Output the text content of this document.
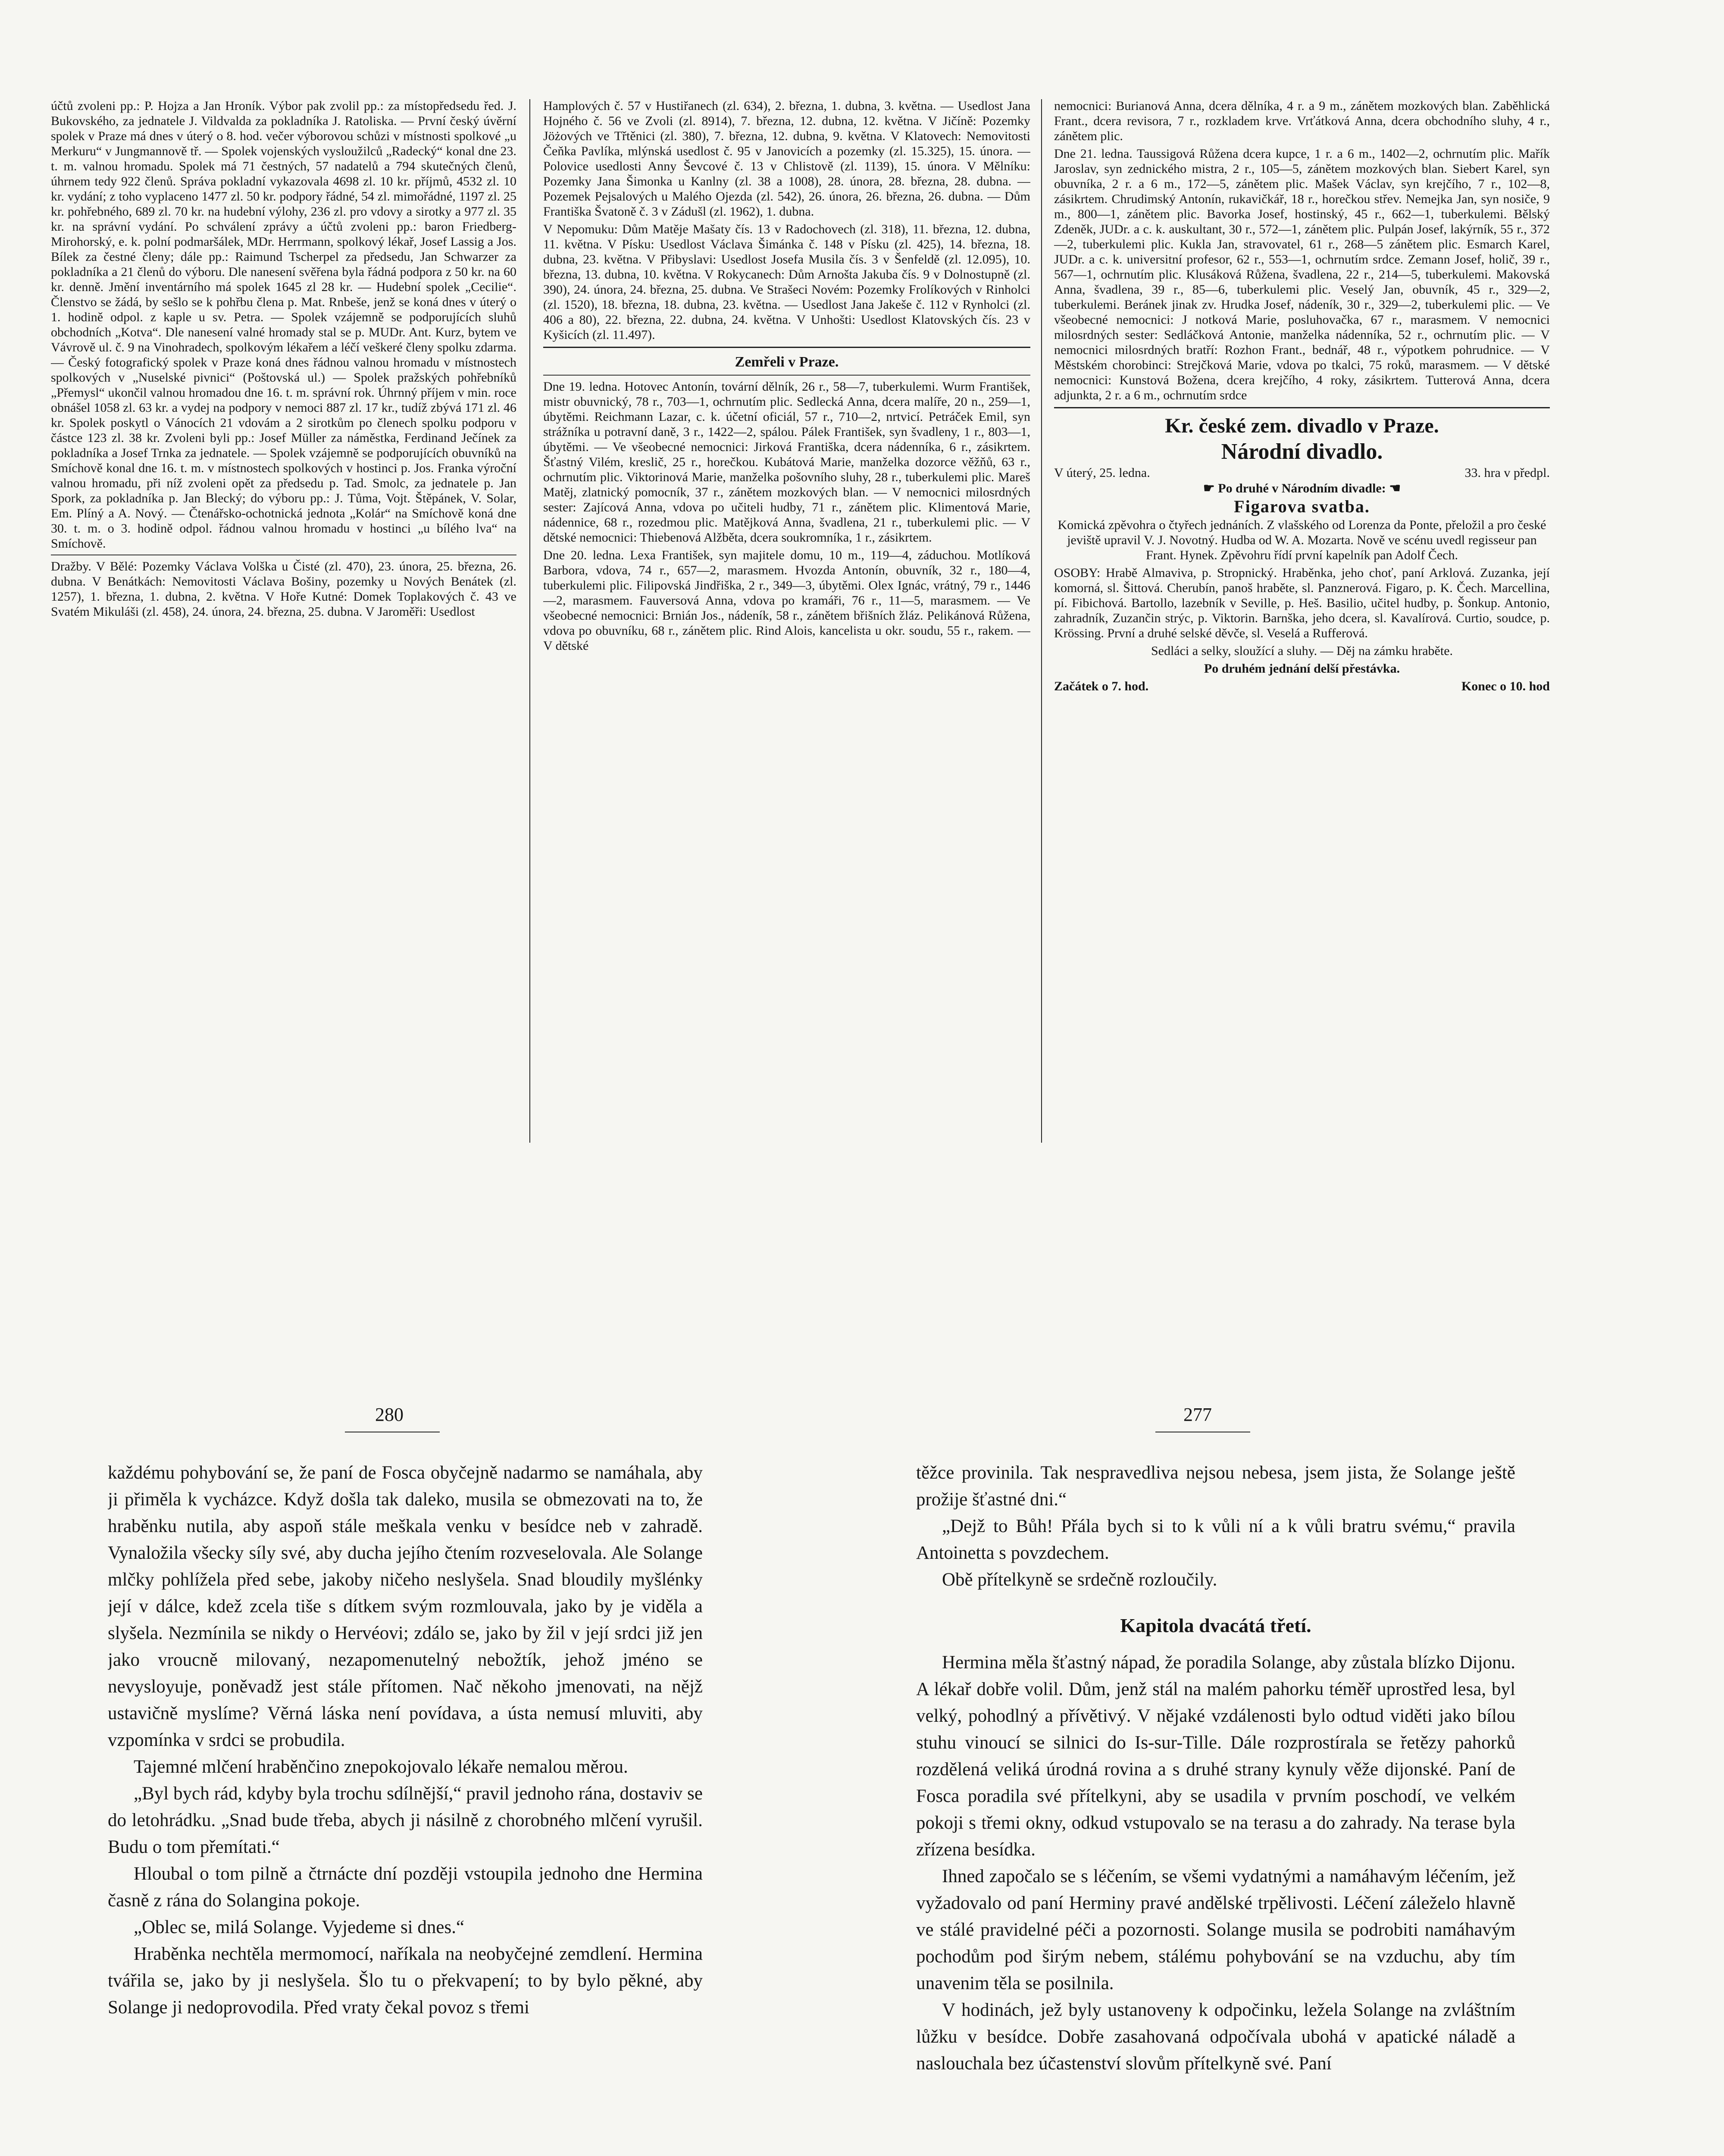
účtů zvoleni pp.: P. Hojza a Jan Hroník. Výbor pak zvolil pp.: za místopředsedu řed. J. Bukovského, za jednatele J. Vildvalda za pokladníka J. Ratoliska. — První český úvěrní spolek v Praze má dnes v úterý o 8. hod. večer výborovou schůzi v místnosti spolkové „u Merkuru“ v Jungmannově tř. — Spolek vojenských vysloužilců „Radecký“ konal dne 23. t. m. valnou hromadu. Spolek má 71 čestných, 57 nadatelů a 794 skutečných členů, úhrnem tedy 922 členů. Správa pokladní vykazovala 4698 zl. 10 kr. příjmů, 4532 zl. 10 kr. vydání; z toho vyplaceno 1477 zl. 50 kr. podpory řádné, 54 zl. mimořádné, 1197 zl. 25 kr. pohřebného, 689 zl. 70 kr. na hudební výlohy, 236 zl. pro vdovy a sirotky a 977 zl. 35 kr. na správní vydání. Po schválení zprávy a účtů zvoleni pp.: baron Friedberg-Mirohorský, e. k. polní podmaršálek, MDr. Herrmann, spolkový lékař, Josef Lassig a Jos. Bílek za čestné členy; dále pp.: Raimund Tscherpel za předsedu, Jan Schwarzer za pokladníka a 21 členů do výboru. Dle nanesení svěřena byla řádná podpora z 50 kr. na 60 kr. denně. Jmění inventárního má spolek 1645 zl 28 kr. — Hudební spolek „Cecilie“. Členstvo se žádá, by sešlo se k pohřbu člena p. Mat. Rnbeše, jenž se koná dnes v úterý o 1. hodině odpol. z kaple u sv. Petra. — Spolek vzájemně se podporujících sluhů obchodních „Kotva“. Dle nanesení valné hromady stal se p. MUDr. Ant. Kurz, bytem ve Vávrově ul. č. 9 na Vinohradech, spolkovým lékařem a léčí veškeré členy spolku zdarma. — Český fotografický spolek v Praze koná dnes řádnou valnou hromadu v místnostech spolkových v „Nuselské pivnici“ (Poštovská ul.) — Spolek pražských pohřebníků „Přemysl“ ukončil valnou hromadou dne 16. t. m. správní rok. Úhrnný příjem v min. roce obnášel 1058 zl. 63 kr. a vydej na podpory v nemoci 887 zl. 17 kr., tudíž zbývá 171 zl. 46 kr. Spolek poskytl o Vánocích 21 vdovám a 2 sirotkům po členech spolku podporu v částce 123 zl. 38 kr. Zvoleni byli pp.: Josef Müller za náměstka, Ferdinand Ječínek za pokladníka a Josef Trnka za jednatele. — Spolek vzájemně se podporujících obuvníků na Smíchově konal dne 16. t. m. v místnostech spolkových v hostinci p. Jos. Franka výroční valnou hromadu, při níž zvoleni opět za předsedu p. Tad. Smolc, za jednatele p. Jan Spork, za pokladníka p. Jan Blecký; do výboru pp.: J. Tůma, Vojt. Štěpánek, V. Solar, Em. Plíný a A. Nový. — Čtenářsko-ochotnická jednota „Kolár“ na Smíchově koná dne 30. t. m. o 3. hodině odpol. řádnou valnou hromadu v hostinci „u bílého lva“ na Smíchově.

Dražby. V Bělé: Pozemky Václava Volška u Čisté (zl. 470), 23. února, 25. března, 26. dubna. V Benátkách: Nemovitosti Václava Bošiny, pozemky u Nových Benátek (zl. 1257), 1. března, 1. dubna, 2. května. V Hoře Kutné: Domek Toplakových č. 43 ve Svatém Mikuláši (zl. 458), 24. února, 24. března, 25. dubna. V Jaroměři: Usedlost

Hamplových č. 57 v Hustiřanech (zl. 634), 2. března, 1. dubna, 3. května. — Usedlost Jana Hojného č. 56 ve Zvoli (zl. 8914), 7. března, 12. dubna, 12. května. V Jičíně: Pozemky Jöżových ve Třtěnici (zl. 380), 7. března, 12. dubna, 9. května. V Klatovech: Nemovitosti Čeňka Pavlíka, mlýnská usedlost č. 95 v Janovicích a pozemky (zl. 15.325), 15. února. — Polovice usedlosti Anny Ševcové č. 13 v Chlistově (zl. 1139), 15. února. V Mělníku: Pozemky Jana Šimonka u Kanlny (zl. 38 a 1008), 28. února, 28. března, 28. dubna. — Pozemek Pejsalových u Malého Ojezda (zl. 542), 26. února, 26. března, 26. dubna. — Dům Františka Švatoně č. 3 v Zádušl (zl. 1962), 1. dubna.

V Nepomuku: Dům Matěje Mašaty čís. 13 v Radochovech (zl. 318), 11. března, 12. dubna, 11. května. V Písku: Usedlost Václava Šimánka č. 148 v Písku (zl. 425), 14. března, 18. dubna, 23. května. V Přibyslavi: Usedlost Josefa Musila čís. 3 v Šenfeldě (zl. 12.095), 10. března, 13. dubna, 10. května. V Rokycanech: Dům Arnošta Jakuba čís. 9 v Dolnostupně (zl. 390), 24. února, 24. března, 25. dubna. Ve Strašeci Novém: Pozemky Frolíkových v Rinholci (zl. 1520), 18. března, 18. dubna, 23. května. — Usedlost Jana Jakeše č. 112 v Rynholci (zl. 406 a 80), 22. března, 22. dubna, 24. května. V Unhošti: Usedlost Klatovských čís. 23 v Kyšicích (zl. 11.497).

Zemřeli v Praze.

Dne 19. ledna. Hotovec Antonín, tovární dělník, 26 r., 58—7, tuberkulemi. Wurm František, mistr obuvnický, 78 r., 703—1, ochrnutím plic. Sedlecká Anna, dcera malíře, 20 n., 259—1, úbytěmi. Reichmann Lazar, c. k. účetní oficiál, 57 r., 710—2, nrtvicí. Petráček Emil, syn strážníka u potravní daně, 3 r., 1422—2, spálou. Pálek František, syn švadleny, 1 r., 803—1, úbytěmi. — Ve všeobecné nemocnici: Jirková Františka, dcera nádenníka, 6 r., zásikrtem. Šťastný Vilém, kreslič, 25 r., horečkou. Kubátová Marie, manželka dozorce věžňů, 63 r., ochrnutím plic. Viktorinová Marie, manželka pošovního sluhy, 28 r., tuberkulemi plic. Mareš Matěj, zlatnický pomocník, 37 r., zánětem mozkových blan. — V nemocnici milosrdných sester: Zajícová Anna, vdova po učiteli hudby, 71 r., zánětem plic. Klimentová Marie, nádennice, 68 r., rozedmou plic. Matějková Anna, švadlena, 21 r., tuberkulemi plic. — V dětské nemocnici: Thiebenová Alžběta, dcera soukromníka, 1 r., zásikrtem.

Dne 20. ledna. Lexa František, syn majitele domu, 10 m., 119—4, záduchou. Motlíková Barbora, vdova, 74 r., 657—2, marasmem. Hvozda Antonín, obuvník, 32 r., 180—4, tuberkulemi plic. Filipovská Jindřiška, 2 r., 349—3, úbytěmi. Olex Ignác, vrátný, 79 r., 1446—2, marasmem. Fauversová Anna, vdova po kramáři, 76 r., 11—5, marasmem. — Ve všeobecné nemocnici: Brnián Jos., nádeník, 58 r., zánětem břišních žláz. Pelikánová Růžena, vdova po obuvníku, 68 r., zánětem plic. Rind Alois, kancelista u okr. soudu, 55 r., rakem. — V dětské

nemocnici: Burianová Anna, dcera dělníka, 4 r. a 9 m., zánětem mozkových blan. Zaběhlická Frant., dcera revisora, 7 r., rozkladem krve. Vrťátková Anna, dcera obchodního sluhy, 4 r., zánětem plic.

Dne 21. ledna. Taussigová Růžena dcera kupce, 1 r. a 6 m., 1402—2, ochrnutím plic. Mařík Jaroslav, syn zednického mistra, 2 r., 105—5, zánětem mozkových blan. Siebert Karel, syn obuvníka, 2 r. a 6 m., 172—5, zánětem plic. Mašek Václav, syn krejčího, 7 r., 102—8, zásikrtem. Chrudimský Antonín, rukavičkář, 18 r., horečkou střev. Nemejka Jan, syn nosiče, 9 m., 800—1, zánětem plic. Bavorka Josef, hostinský, 45 r., 662—1, tuberkulemi. Bělský Zdeněk, JUDr. a c. k. auskultant, 30 r., 572—1, zánětem plic. Pulpán Josef, lakýrník, 55 r., 372—2, tuberkulemi plic. Kukla Jan, stravovatel, 61 r., 268—5 zánětem plic. Esmarch Karel, JUDr. a c. k. universitní profesor, 62 r., 553—1, ochrnutím srdce. Zemann Josef, holič, 39 r., 567—1, ochrnutím plic. Klusáková Růžena, švadlena, 22 r., 214—5, tuberkulemi. Makovská Anna, švadlena, 39 r., 85—6, tuberkulemi plic. Veselý Jan, obuvník, 45 r., 329—2, tuberkulemi. Beránek jinak zv. Hrudka Josef, nádeník, 30 r., 329—2, tuberkulemi plic. — Ve všeobecné nemocnici: J notková Marie, posluhovačka, 67 r., marasmem. V nemocnici milosrdných sester: Sedláčková Antonie, manželka nádenníka, 52 r., ochrnutím plic. — V nemocnici milosrdných bratří: Rozhon Frant., bednář, 48 r., výpotkem pohrudnice. — V Městském chorobinci: Strejčková Marie, vdova po tkalci, 75 roků, marasmem. — V dětské nemocnici: Kunstová Božena, dcera krejčího, 4 roky, zásikrtem. Tutterová Anna, dcera adjunkta, 2 r. a 6 m., ochrnutím srdce

Kr. české zem. divadlo v Praze.
Národní divadlo.
V úterý, 25. ledna.	33. hra v předpl.
☛ Po druhé v Národním divadle: ☚
Figarova svatba.

Komická zpěvohra o čtyřech jednáních. Z vlašského od Lorenza da Ponte, přeložil a pro české jeviště upravil V. J. Novotný. Hudba od W. A. Mozarta. Nově ve scénu uvedl regisseur pan Frant. Hynek. Zpěvohru řídí první kapelník pan Adolf Čech.

OSOBY: Hrabě Almaviva, p. Stropnický. Hraběnka, jeho choť, paní Arklová. Zuzanka, její komorná, sl. Šittová. Cherubín, panoš hraběte, sl. Panznerová. Figaro, p. K. Čech. Marcellina, pí. Fibichová. Bartollo, lazebník v Seville, p. Heš. Basilio, učitel hudby, p. Šonkup. Antonio, zahradník, Zuzančin strýc, p. Viktorin. Barnška, jeho dcera, sl. Kavalírová. Curtio, soudce, p. Krössing. První a druhé selské děvče, sl. Veselá a Rufferová.

Sedláci a selky, sloužící a sluhy. — Děj na zámku hraběte.

Po druhém jednání delší přestávka.

Začátek o 7. hod.	Konec o 10. hod
280	277

každému pohybování se, že paní de Fosca obyčejně nadarmo se namáhala, aby ji přiměla k vycházce. Když došla tak daleko, musila se obmezovati na to, že hraběnku nutila, aby aspoň stále meškala venku v besídce neb v zahradě. Vynaložila všecky síly své, aby ducha jejího čtením rozveselovala. Ale Solange mlčky pohlížela před sebe, jakoby ničeho neslyšela. Snad bloudily myšlénky její v dálce, kdež zcela tiše s dítkem svým rozmlouvala, jako by je viděla a slyšela. Nezmínila se nikdy o Hervéovi; zdálo se, jako by žil v její srdci již jen jako vroucně milovaný, nezapomenutelný nebožtík, jehož jméno se nevysloyuje, poněvadž jest stále přítomen. Nač někoho jmenovati, na nějž ustavičně myslíme? Věrná láska není povídava, a ústa nemusí mluviti, aby vzpomínka v srdci se probudila.

Tajemné mlčení hraběnčino znepokojovalo lékaře nemalou měrou.

„Byl bych rád, kdyby byla trochu sdílnější,“ pravil jednoho rána, dostaviv se do letohrádku. „Snad bude třeba, abych ji násilně z chorobného mlčení vyrušil. Budu o tom přemítati.“

Hloubal o tom pilně a čtrnácte dní později vstoupila jednoho dne Hermina časně z rána do Solangina pokoje.

„Oblec se, milá Solange. Vyjedeme si dnes.“

Hraběnka nechtěla mermomocí, naříkala na neobyčejné zemdlení. Hermina tvářila se, jako by ji neslyšela. Šlo tu o překvapení; to by bylo pěkné, aby Solange ji nedoprovodila. Před vraty čekal povoz s třemi

těžce provinila. Tak nespravedliva nejsou nebesa, jsem jista, že Solange ještě prožije šťastné dni.“

„Dejž to Bůh! Přála bych si to k vůli ní a k vůli bratru svému,“ pravila Antoinetta s povzdechem.

Obě přítelkyně se srdečně rozloučily.

Kapitola dvacátá třetí.

Hermina měla šťastný nápad, že poradila Solange, aby zůstala blízko Dijonu. A lékař dobře volil. Dům, jenž stál na malém pahorku téměř uprostřed lesa, byl velký, pohodlný a přívětivý. V nějaké vzdálenosti bylo odtud viděti jako bílou stuhu vinoucí se silnici do Is-sur-Tille. Dále rozprostírala se řetězy pahorků rozdělená veliká úrodná rovina a s druhé strany kynuly věže dijonské. Paní de Fosca poradila své přítelkyni, aby se usadila v prvním poschodí, ve velkém pokoji s třemi okny, odkud vstupovalo se na terasu a do zahrady. Na terase byla zřízena besídka.

Ihned započalo se s léčením, se všemi vydatnými a namáhavým léčením, jež vyžadovalo od paní Herminy pravé andělské trpělivosti. Léčení záleželo hlavně ve stálé pravidelné péči a pozornosti. Solange musila se podrobiti namáhavým pochodům pod širým nebem, stálému pohybování se na vzduchu, aby tím unavenim těla se posilnila.

V hodinách, jež byly ustanoveny k odpočinku, ležela Solange na zvláštním lůžku v besídce. Dobře zasahovaná odpočívala ubohá v apatické náladě a naslouchala bez účastenství slovům přítelkyně své. Paní
